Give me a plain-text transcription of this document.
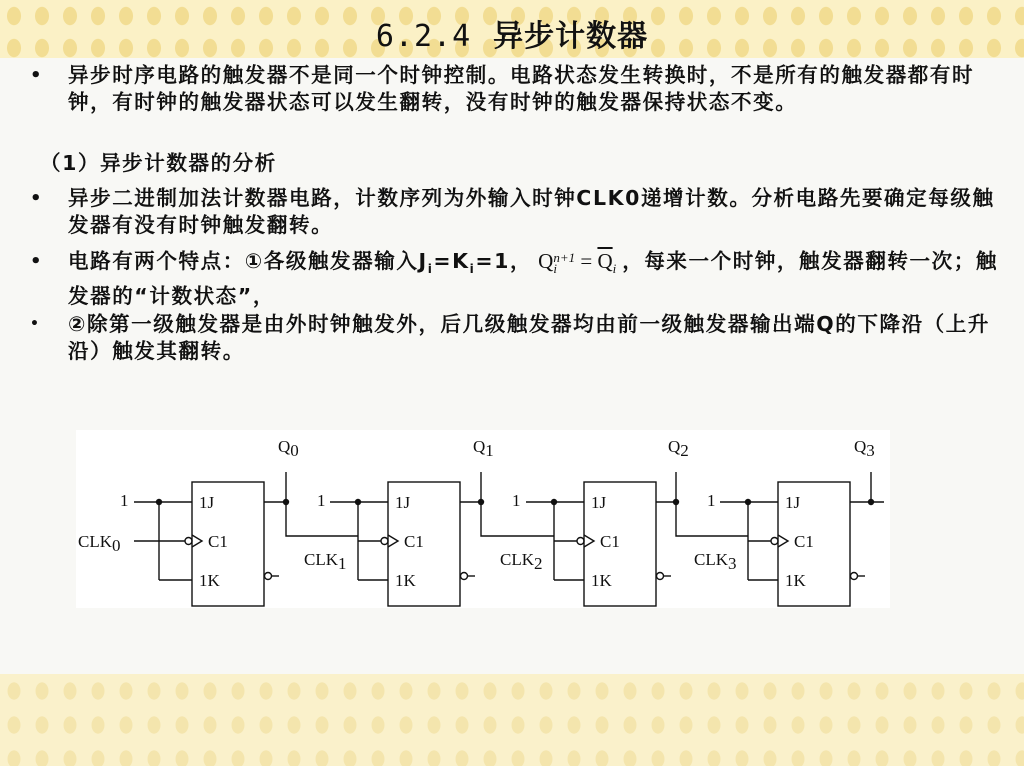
6.2.4 异步计数器
• 异步时序电路的触发器不是同一个时钟控制。电路状态发生转换时，不是所有的触发器都有时钟，有时钟的触发器状态可以发生翻转，没有时钟的触发器保持状态不变。
（1）异步计数器的分析
• 异步二进制加法计数器电路，计数序列为外输入时钟CLK0递增计数。分析电路先要确定每级触发器有没有时钟触发翻转。
• 电路有两个特点：①各级触发器输入$J_i=K_i=1$， Q n+1
i	= $\overline{Q}_i$ ，每来一个时钟，触发器翻转一次；触发器的“计数状态”，
• ②除第一级触发器是由外时钟触发外，后几级触发器均由前一级触发器输出端Q的下降沿（上升沿）触发其翻转。
1J
C1
1K
1J
C1
1K
1J
C1
1K
1J
C1
1K
1	1	1	1
Q0	Q1	Q2	Q3
CLK0
CLK1	CLK2	CLK3
